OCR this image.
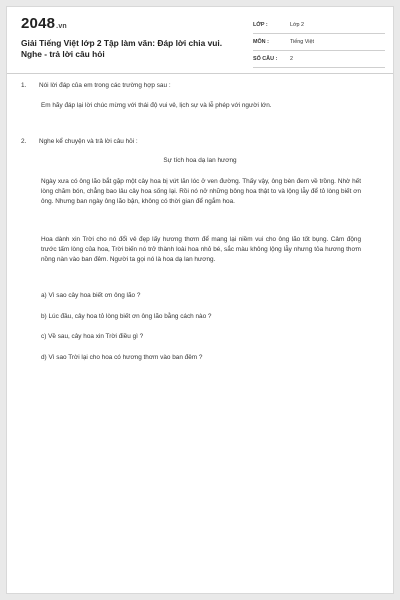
2048.vn
Giải Tiếng Việt lớp 2 Tập làm văn: Đáp lời chia vui. Nghe - trả lời câu hỏi
LỚP :	Lớp 2
MÔN :	Tiếng Việt
SỐ CÂU : 2
1. Nói lời đáp của em trong các trường hợp sau :
Em hãy đáp lại lời chúc mừng với thái độ vui vẻ, lịch sự và lễ phép với người lớn.
2. Nghe kể chuyện và trả lời câu hỏi :
Sự tích hoa dạ lan hương
Ngày xưa có ông lão bắt gặp một cây hoa bị vứt lăn lóc ở ven đường. Thấy vậy, ông bèn đem về trồng. Nhờ hết lòng chăm bón, chẳng bao lâu cây hoa sống lại. Rồi nó nở những bông hoa thật to và lộng lẫy để tỏ lòng biết ơn ông. Nhưng ban ngày ông lão bận, không có thời gian để ngắm hoa.
Hoa dành xin Trời cho nó đổi vẻ đẹp lấy hương thơm để mang lại niềm vui cho ông lão tốt bụng. Cảm động trước tấm lòng của hoa, Trời biến nó trở thành loài hoa nhỏ bé, sắc màu không lộng lẫy nhưng tỏa hương thơm nồng nàn vào ban đêm. Người ta gọi nó là hoa dạ lan hương.
a) Vì sao cây hoa biết ơn ông lão ?
b) Lúc đầu, cây hoa tỏ lòng biết ơn ông lão bằng cách nào ?
c) Về sau, cây hoa xin Trời điều gì ?
d) Vì sao Trời lại cho hoa có hương thơm vào ban đêm ?
